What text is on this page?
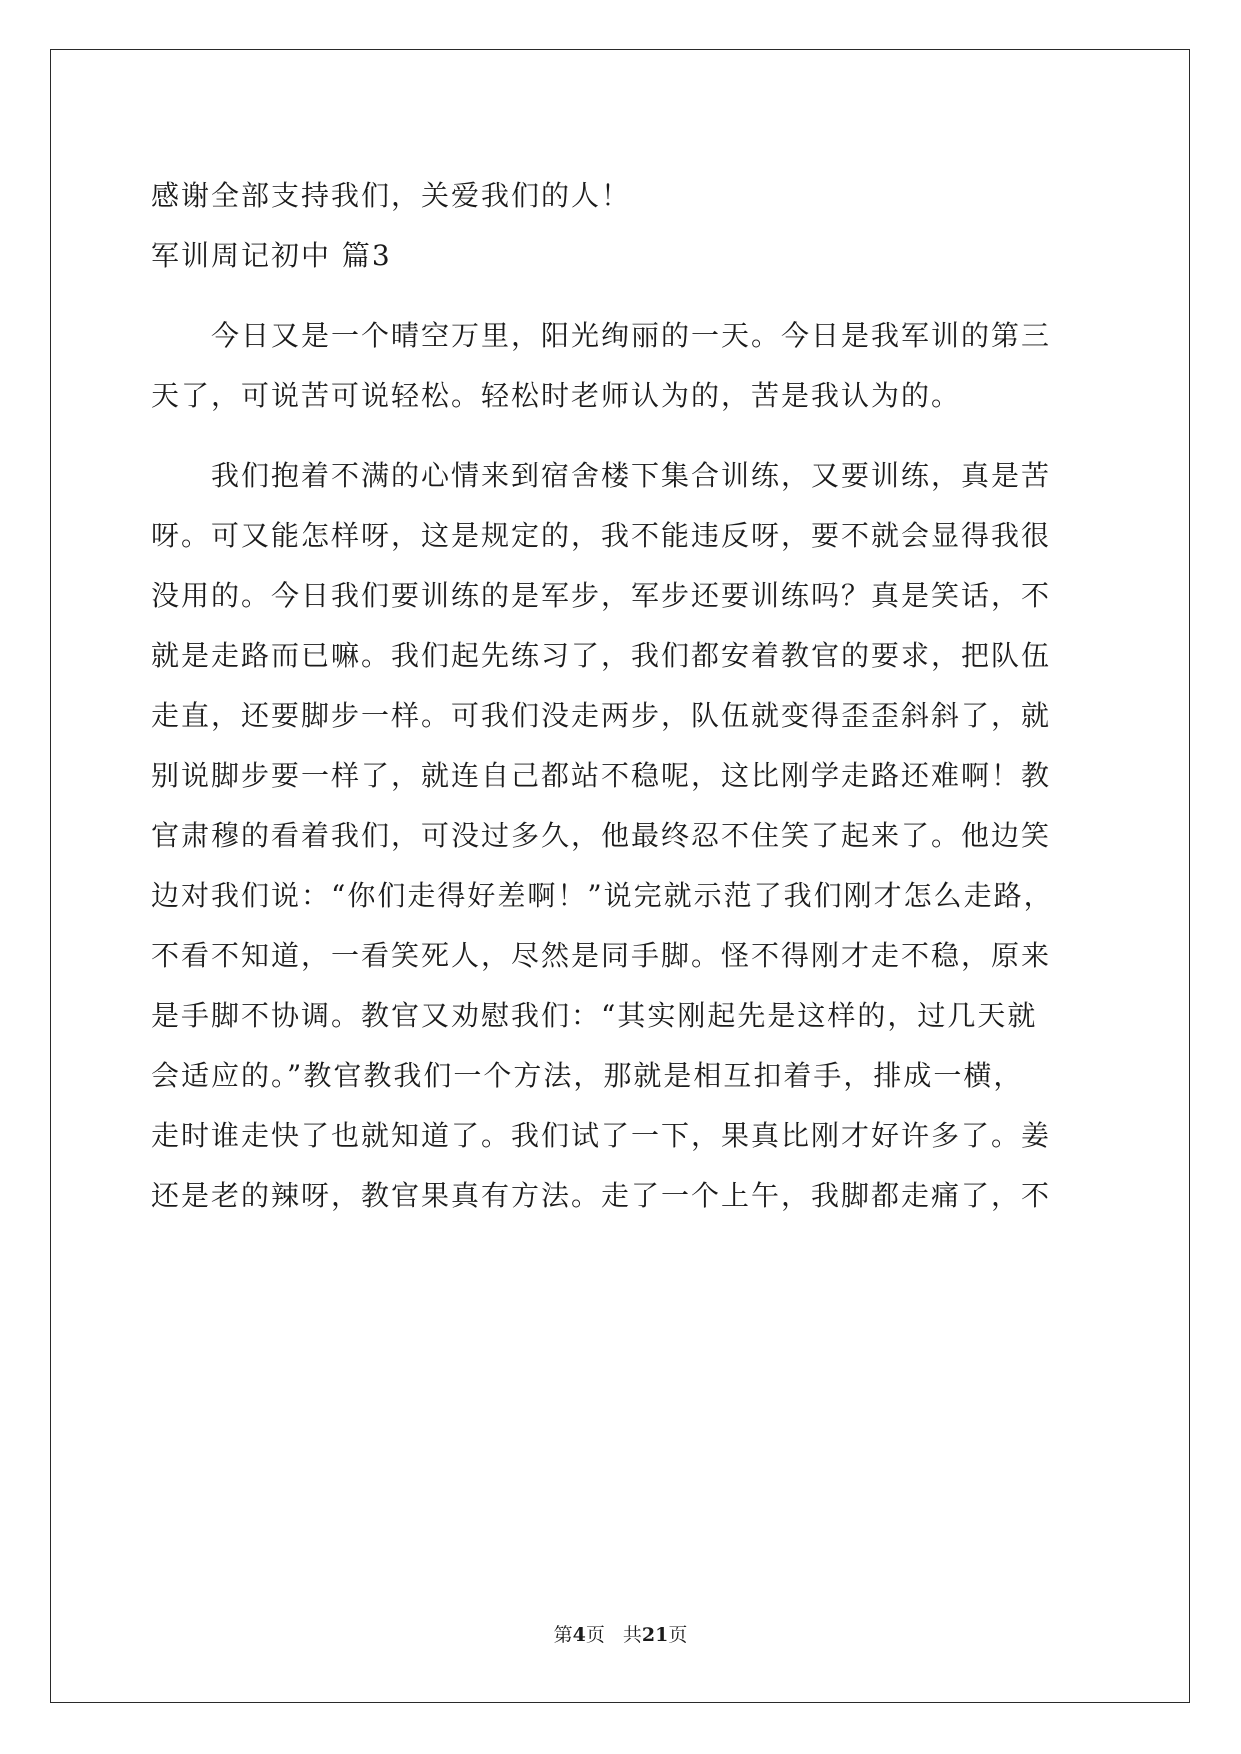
感谢全部支持我们，关爱我们的人！
军训周记初中 篇3
　　今日又是一个晴空万里，阳光绚丽的一天。今日是我军训的第三
天了，可说苦可说轻松。轻松时老师认为的，苦是我认为的。
　　我们抱着不满的心情来到宿舍楼下集合训练，又要训练，真是苦
呀。可又能怎样呀，这是规定的，我不能违反呀，要不就会显得我很
没用的。今日我们要训练的是军步，军步还要训练吗？真是笑话，不
就是走路而已嘛。我们起先练习了，我们都安着教官的要求，把队伍
走直，还要脚步一样。可我们没走两步，队伍就变得歪歪斜斜了，就
别说脚步要一样了，就连自己都站不稳呢，这比刚学走路还难啊！教
官肃穆的看着我们，可没过多久，他最终忍不住笑了起来了。他边笑
边对我们说：“你们走得好差啊！”说完就示范了我们刚才怎么走路，
不看不知道，一看笑死人，尽然是同手脚。怪不得刚才走不稳，原来
是手脚不协调。教官又劝慰我们：“其实刚起先是这样的，过几天就
会适应的。”教官教我们一个方法，那就是相互扣着手，排成一横，
走时谁走快了也就知道了。我们试了一下，果真比刚才好许多了。姜
还是老的辣呀，教官果真有方法。走了一个上午，我脚都走痛了，不
第4页 共21页
